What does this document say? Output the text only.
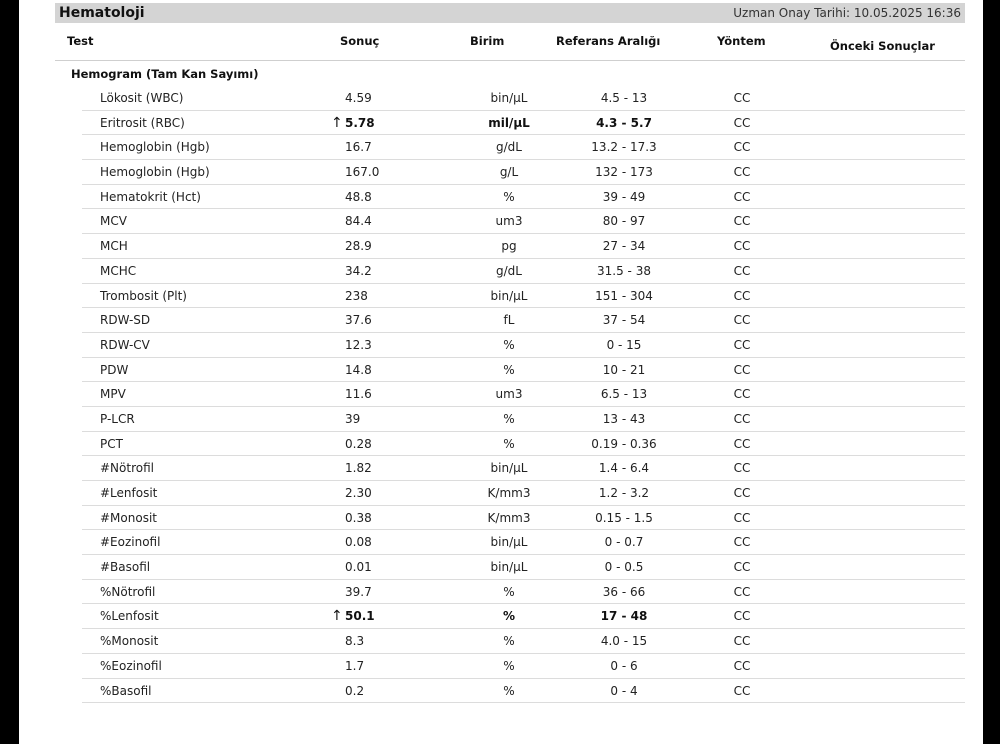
Hematoloji	Uzman Onay Tarihi: 10.05.2025 16:36
Test	Sonuç	Birim	Referans Aralığı	Yöntem	Önceki Sonuçlar
Hemogram (Tam Kan Sayımı)
Lökosit (WBC)	4.59	bin/µL	4.5 - 13	CC
Eritrosit (RBC)	↑ 5.78	mil/µL	4.3 - 5.7	CC
Hemoglobin (Hgb)	16.7	g/dL	13.2 - 17.3	CC
Hemoglobin (Hgb)	167.0	g/L	132 - 173	CC
Hematokrit (Hct)	48.8	%	39 - 49	CC
MCV	84.4	um3	80 - 97	CC
MCH	28.9	pg	27 - 34	CC
MCHC	34.2	g/dL	31.5 - 38	CC
Trombosit (Plt)	238	bin/µL	151 - 304	CC
RDW-SD	37.6	fL	37 - 54	CC
RDW-CV	12.3	%	0 - 15	CC
PDW	14.8	%	10 - 21	CC
MPV	11.6	um3	6.5 - 13	CC
P-LCR	39	%	13 - 43	CC
PCT	0.28	%	0.19 - 0.36	CC
#Nötrofil	1.82	bin/µL	1.4 - 6.4	CC
#Lenfosit	2.30	K/mm3	1.2 - 3.2	CC
#Monosit	0.38	K/mm3	0.15 - 1.5	CC
#Eozinofil	0.08	bin/µL	0 - 0.7	CC
#Basofil	0.01	bin/µL	0 - 0.5	CC
%Nötrofil	39.7	%	36 - 66	CC
%Lenfosit	↑ 50.1	%	17 - 48	CC
%Monosit	8.3	%	4.0 - 15	CC
%Eozinofil	1.7	%	0 - 6	CC
%Basofil	0.2	%	0 - 4	CC
